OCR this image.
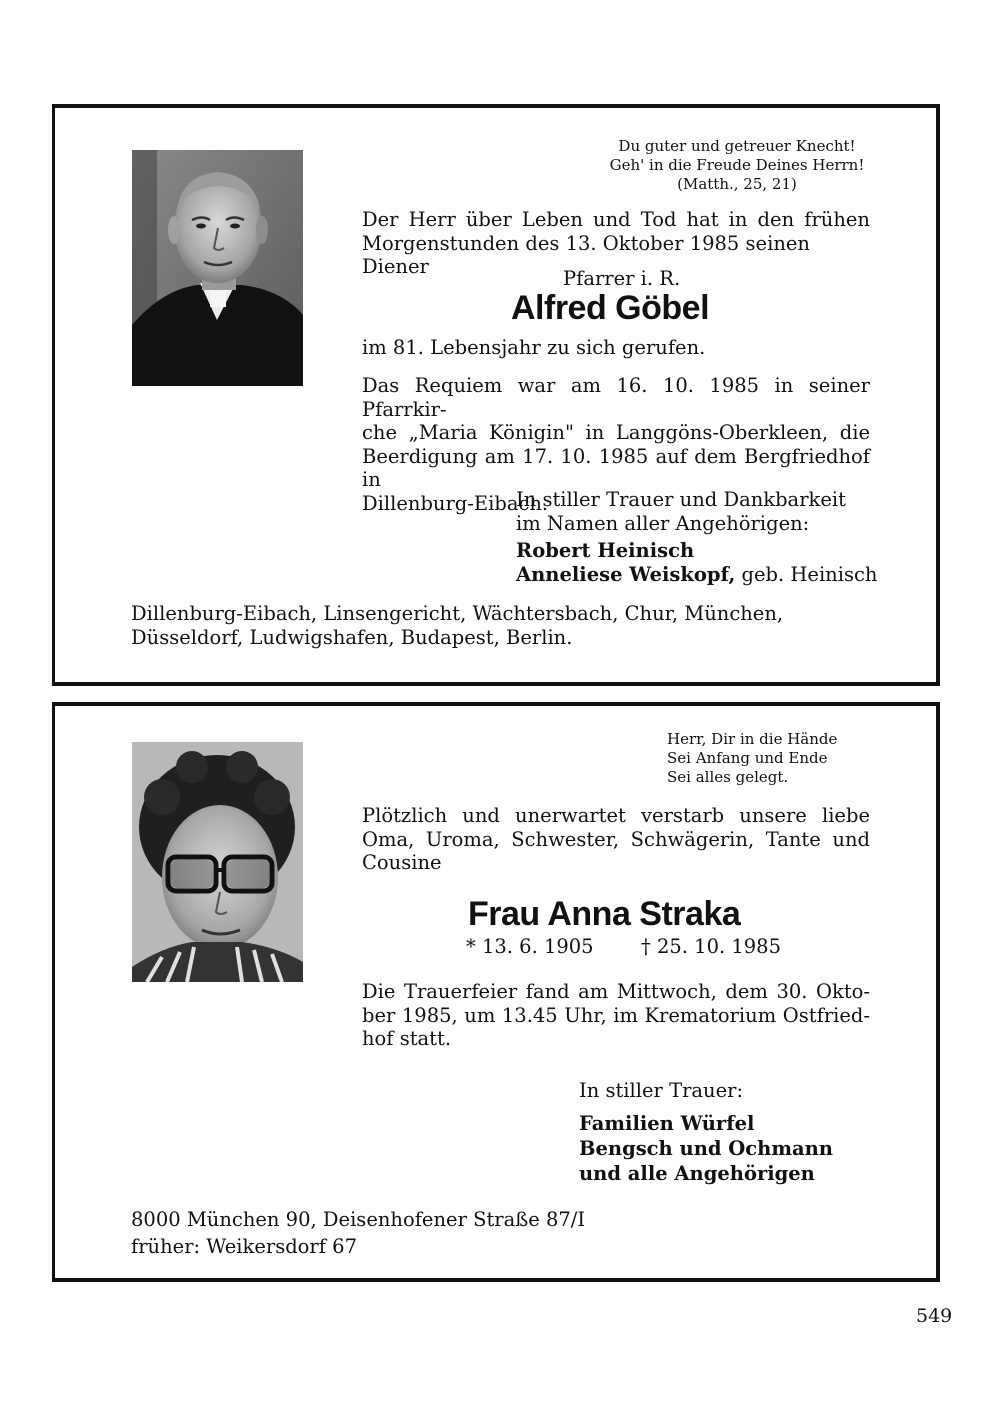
Du guter und getreuer Knecht!
Geh' in die Freude Deines Herrn!
(Matth., 25, 21)
Der Herr über Leben und Tod hat in den frühen
Morgenstunden des 13. Oktober 1985 seinen Diener
Pfarrer i. R.
Alfred Göbel
im 81. Lebensjahr zu sich gerufen.
Das Requiem war am 16. 10. 1985 in seiner Pfarrkir-
che „Maria Königin" in Langgöns-Oberkleen, die
Beerdigung am 17. 10. 1985 auf dem Bergfriedhof in
Dillenburg-Eibach.
In stiller Trauer und Dankbarkeit
im Namen aller Angehörigen:
Robert Heinisch
Anneliese Weiskopf, geb. Heinisch
Dillenburg-Eibach, Linsengericht, Wächtersbach, Chur, München,
Düsseldorf, Ludwigshafen, Budapest, Berlin.
Herr, Dir in die Hände
Sei Anfang und Ende
Sei alles gelegt.
Plötzlich und unerwartet verstarb unsere liebe
Oma, Uroma, Schwester, Schwägerin, Tante und
Cousine
Frau Anna Straka
* 13. 6. 1905 † 25. 10. 1985
Die Trauerfeier fand am Mittwoch, dem 30. Okto-
ber 1985, um 13.45 Uhr, im Krematorium Ostfried-
hof statt.
In stiller Trauer:
Familien Würfel
Bengsch und Ochmann
und alle Angehörigen
8000 München 90, Deisenhofener Straße 87/I
früher: Weikersdorf 67
549
